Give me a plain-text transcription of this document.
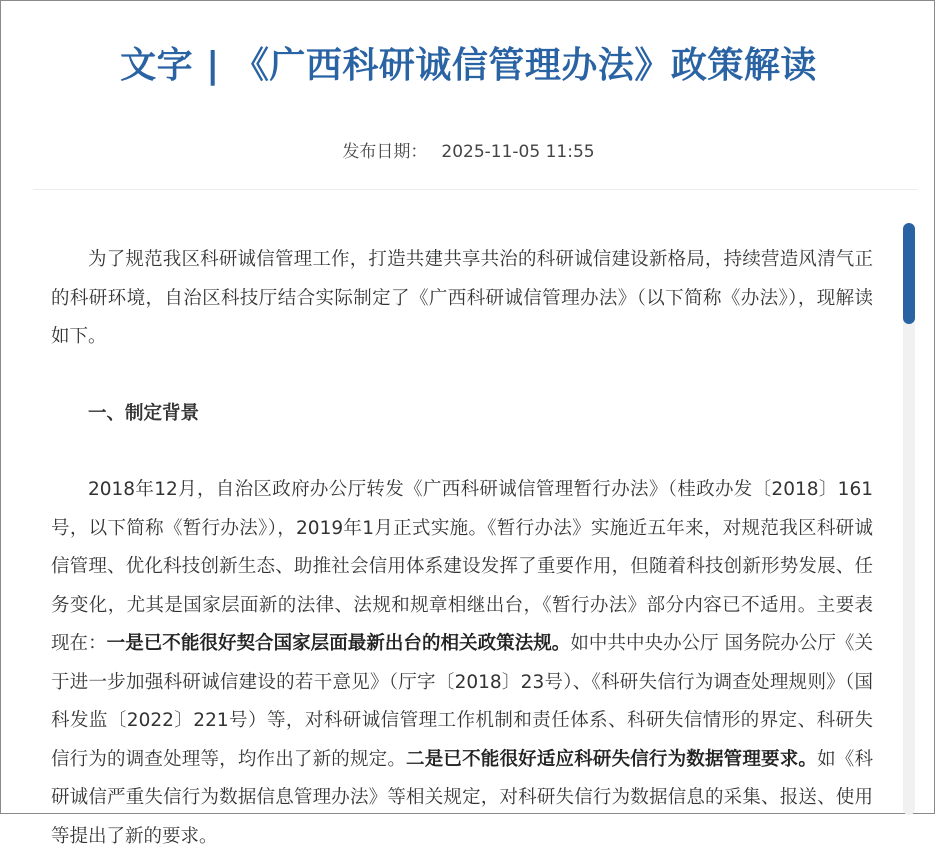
文字 | 《广西科研诚信管理办法》政策解读
发布日期： 2025-11-05 11:55

为了规范我区科研诚信管理工作，打造共建共享共治的科研诚信建设新格局，持续营造风清气正的科研环境，自治区科技厅结合实际制定了《广西科研诚信管理办法》（以下简称《办法》），现解读如下。

一、制定背景

2018年12月，自治区政府办公厅转发《广西科研诚信管理暂行办法》（桂政办发〔2018〕161号，以下简称《暂行办法》），2019年1月正式实施。《暂行办法》实施近五年来，对规范我区科研诚信管理、优化科技创新生态、助推社会信用体系建设发挥了重要作用，但随着科技创新形势发展、任务变化，尤其是国家层面新的法律、法规和规章相继出台，《暂行办法》部分内容已不适用。主要表现在：一是已不能很好契合国家层面最新出台的相关政策法规。如中共中央办公厅 国务院办公厅《关于进一步加强科研诚信建设的若干意见》（厅字〔2018〕23号）、《科研失信行为调查处理规则》（国科发监〔2022〕221号）等，对科研诚信管理工作机制和责任体系、科研失信情形的界定、科研失信行为的调查处理等，均作出了新的规定。二是已不能很好适应科研失信行为数据管理要求。如《科研诚信严重失信行为数据信息管理办法》等相关规定，对科研失信行为数据信息的采集、报送、使用等提出了新的要求。
